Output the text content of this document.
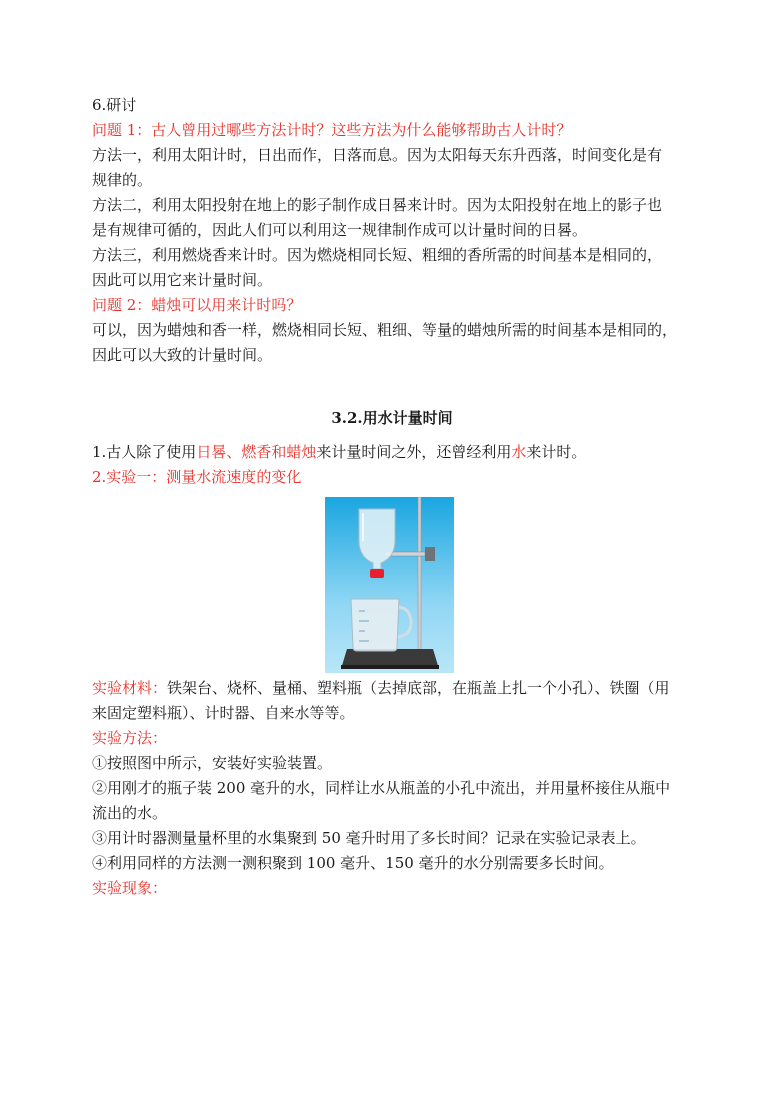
6.研讨

问题 1：古人曾用过哪些方法计时？这些方法为什么能够帮助古人计时？

方法一，利用太阳计时，日出而作，日落而息。因为太阳每天东升西落，时间变化是有

规律的。

方法二，利用太阳投射在地上的影子制作成日晷来计时。因为太阳投射在地上的影子也

是有规律可循的，因此人们可以利用这一规律制作成可以计量时间的日晷。

方法三，利用燃烧香来计时。因为燃烧相同长短、粗细的香所需的时间基本是相同的，

因此可以用它来计量时间。

问题 2：蜡烛可以用来计时吗？

可以，因为蜡烛和香一样，燃烧相同长短、粗细、等量的蜡烛所需的时间基本是相同的，

因此可以大致的计量时间。

3.2.用水计量时间

1.古人除了使用日晷、燃香和蜡烛来计量时间之外，还曾经利用水来计时。

2.实验一：测量水流速度的变化

实验材料：铁架台、烧杯、量桶、塑料瓶（去掉底部，在瓶盖上扎一个小孔）、铁圈（用

来固定塑料瓶）、计时器、自来水等等。

实验方法：

①按照图中所示，安装好实验装置。

②用刚才的瓶子装 200 毫升的水，同样让水从瓶盖的小孔中流出，并用量杯接住从瓶中

流出的水。

③用计时器测量量杯里的水集聚到 50 毫升时用了多长时间？记录在实验记录表上。

④利用同样的方法测一测积聚到 100 毫升、150 毫升的水分别需要多长时间。

实验现象：
